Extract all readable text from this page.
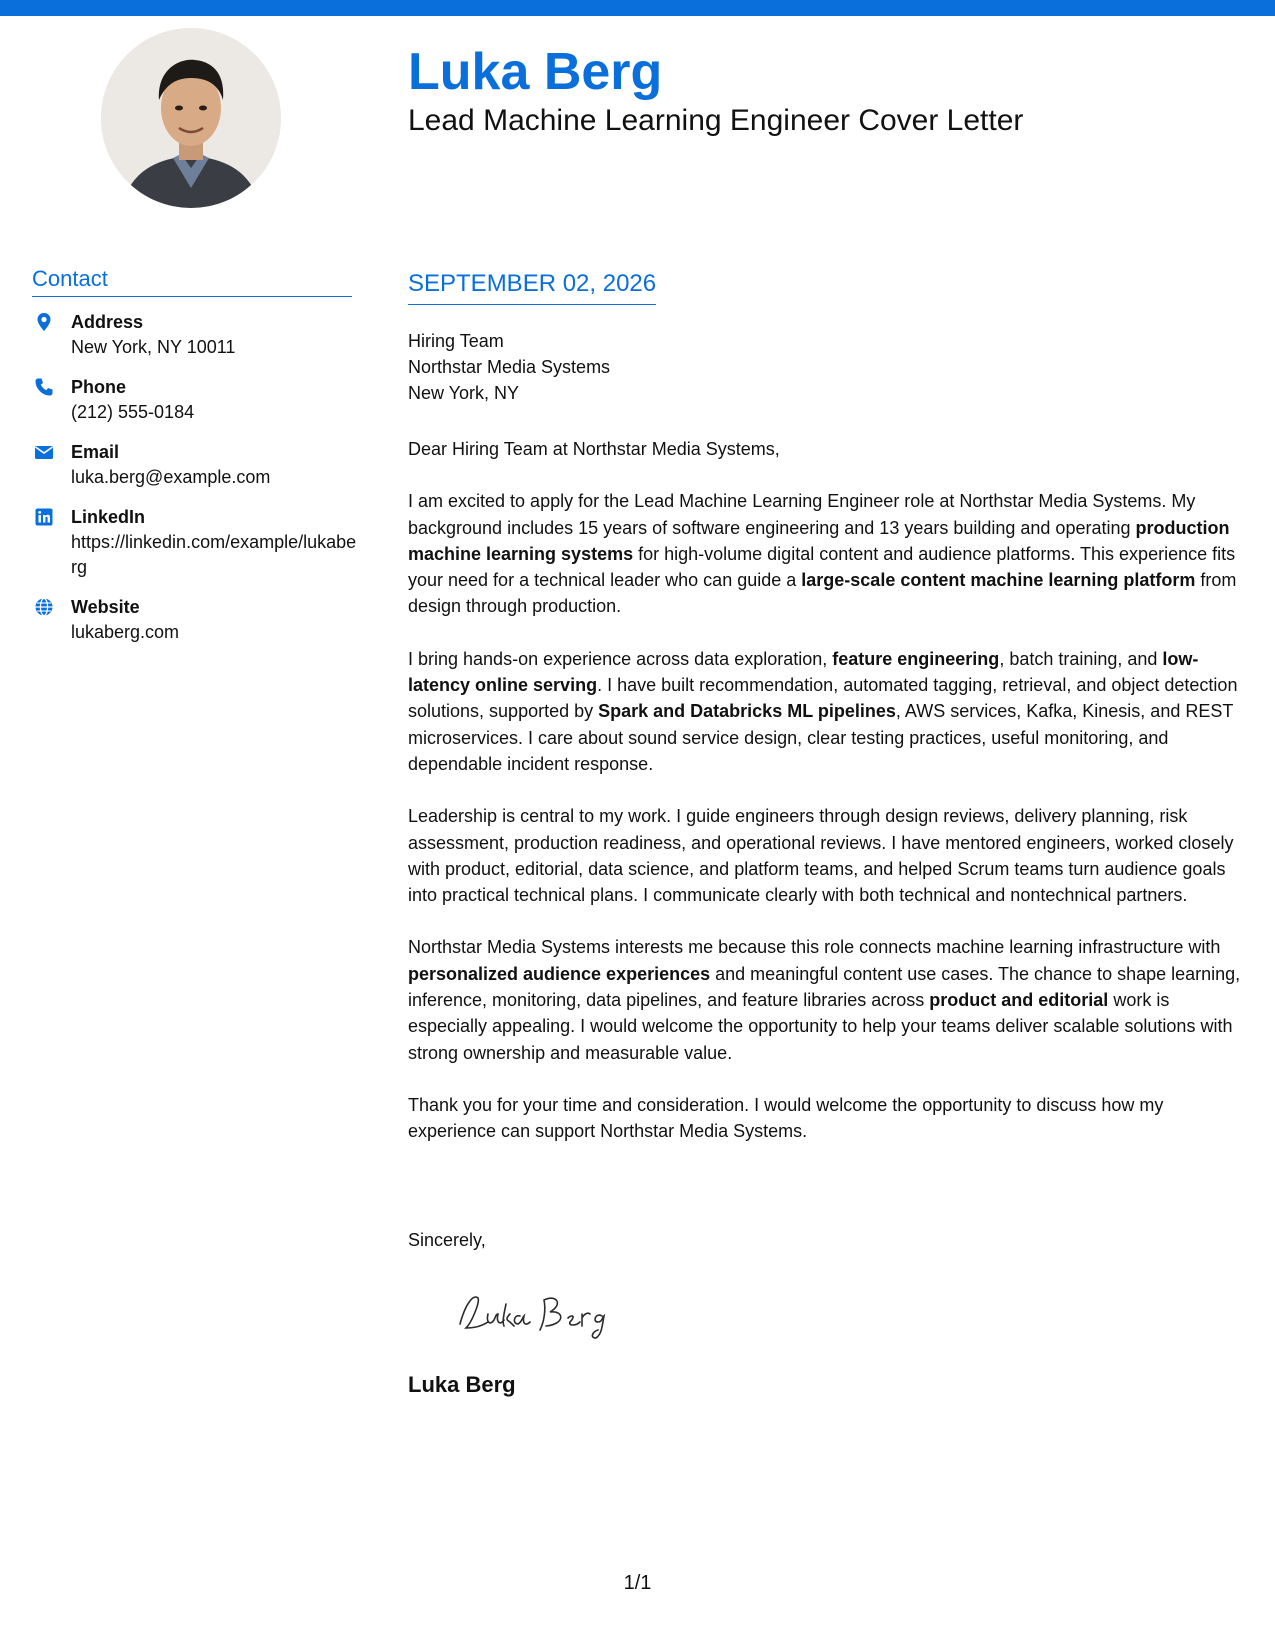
Luka Berg
Lead Machine Learning Engineer Cover Letter
Contact
Address
New York, NY 10011
Phone
(212) 555-0184
Email
luka.berg@example.com
LinkedIn
https://linkedin.com/example/lukaberg
Website
lukaberg.com
SEPTEMBER 02, 2026
Hiring Team
Northstar Media Systems
New York, NY

Dear Hiring Team at Northstar Media Systems,

I am excited to apply for the Lead Machine Learning Engineer role at Northstar Media Systems. My background includes 15 years of software engineering and 13 years building and operating production machine learning systems for high-volume digital content and audience platforms. This experience fits your need for a technical leader who can guide a large-scale content machine learning platform from design through production.

I bring hands-on experience across data exploration, feature engineering, batch training, and low-latency online serving. I have built recommendation, automated tagging, retrieval, and object detection solutions, supported by Spark and Databricks ML pipelines, AWS services, Kafka, Kinesis, and REST microservices. I care about sound service design, clear testing practices, useful monitoring, and dependable incident response.

Leadership is central to my work. I guide engineers through design reviews, delivery planning, risk assessment, production readiness, and operational reviews. I have mentored engineers, worked closely with product, editorial, data science, and platform teams, and helped Scrum teams turn audience goals into practical technical plans. I communicate clearly with both technical and nontechnical partners.

Northstar Media Systems interests me because this role connects machine learning infrastructure with personalized audience experiences and meaningful content use cases. The chance to shape learning, inference, monitoring, data pipelines, and feature libraries across product and editorial work is especially appealing. I would welcome the opportunity to help your teams deliver scalable solutions with strong ownership and measurable value.

Thank you for your time and consideration. I would welcome the opportunity to discuss how my experience can support Northstar Media Systems.

Sincerely,
Luka Berg
1/1
